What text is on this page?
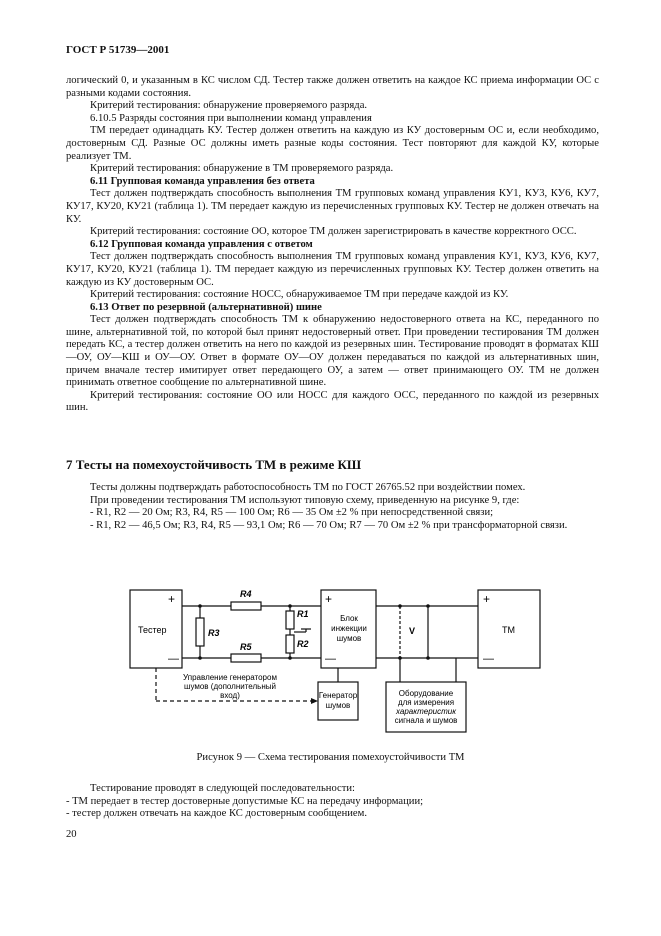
ГОСТ Р 51739—2001

логический 0, и указанным в КС числом СД. Тестер также должен ответить на каждое КС приема информации ОС с разными кодами состояния.

Критерий тестирования: обнаружение проверяемого разряда.

6.10.5 Разряды состояния при выполнении команд управления

ТМ передает одинадцать КУ. Тестер должен ответить на каждую из КУ достоверным ОС и, если необходимо, достоверным СД. Разные ОС должны иметь разные коды состояния. Тест повторяют для каждой КУ, которые реализует ТМ.

Критерий тестирования: обнаружение в ТМ проверяемого разряда.

6.11 Групповая команда управления без ответа

Тест должен подтверждать способность выполнения ТМ групповых команд управления КУ1, КУ3, КУ6, КУ7, КУ17, КУ20, КУ21 (таблица 1). ТМ передает каждую из перечисленных групповых КУ. Тестер не должен отвечать на КУ.

Критерий тестирования: состояние ОО, которое ТМ должен зарегистрировать в качестве корректного ОСС.

6.12 Групповая команда управления с ответом

Тест должен подтверждать способность выполнения ТМ групповых команд управления КУ1, КУ3, КУ6, КУ7, КУ17, КУ20, КУ21 (таблица 1). ТМ передает каждую из перечисленных групповых КУ. Тестер должен ответить на каждую из КУ достоверным ОС.

Критерий тестирования: состояние НОСС, обнаруживаемое ТМ при передаче каждой из КУ.

6.13 Ответ по резервной (альтернативной) шине

Тест должен подтверждать способность ТМ к обнаружению недостоверного ответа на КС, переданного по шине, альтернативной той, по которой был принят недостоверный ответ. При проведении тестирования ТМ должен передать КС, а тестер должен ответить на него по каждой из резервных шин. Тестирование проводят в форматах КШ—ОУ, ОУ—КШ и ОУ—ОУ. Ответ в формате ОУ—ОУ должен передаваться по каждой из альтернативных шин, причем вначале тестер имитирует ответ передающего ОУ, а затем — ответ принимающего ОУ. ТМ не должен принимать ответное сообщение по альтернативной шине.

Критерий тестирования: состояние ОО или НОСС для каждого ОСС, переданного по каждой из резервных шин.

7 Тесты на помехоустойчивость ТМ в режиме КШ

Тесты должны подтверждать работоспособность ТМ по ГОСТ 26765.52 при воздействии помех.

При проведении тестирования ТМ используют типовую схему, приведенную на рисунке 9, где:

- R1, R2 — 20 Ом; R3, R4, R5 — 100 Ом; R6 — 35 Ом ±2 % при непосредственной связи;

- R1, R2 — 46,5 Ом; R3, R4, R5 — 93,1 Ом; R6 — 70 Ом; R7 — 70 Ом ±2 % при трансформаторной связи.

Тестер
+
—
R3
R4
R5
R1
R2
+
—
Блок
инжекции
шумов
V
+
—
ТМ
Управление генератором
шумов (дополнительный
вход)	Генератор
шумов
Оборудование
для измерения
характеристик
сигнала и шумов
Рисунок 9 — Схема тестирования помехоустойчивости ТМ

Тестирование проводят в следующей последовательности:

- ТМ передает в тестер достоверные допустимые КС на передачу информации;

- тестер должен отвечать на каждое КС достоверным сообщением.

20
